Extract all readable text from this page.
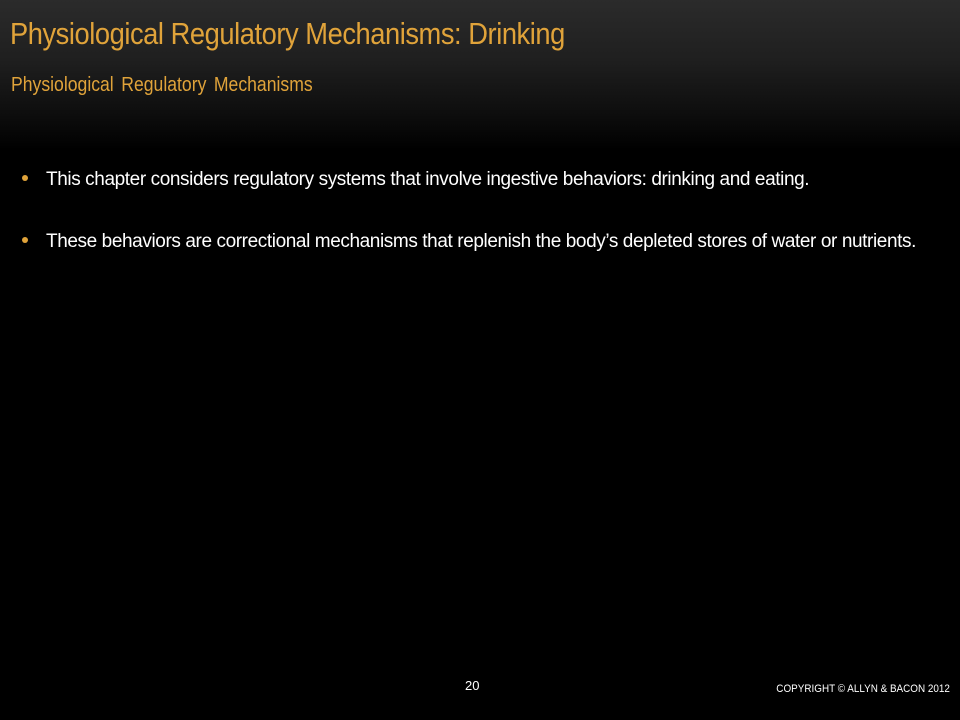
Physiological Regulatory Mechanisms: Drinking
Physiological Regulatory Mechanisms
This chapter considers regulatory systems that involve ingestive behaviors: drinking and eating.
These behaviors are correctional mechanisms that replenish the body’s depleted stores of water or nutrients.
20	COPYRIGHT © ALLYN & BACON 2012
